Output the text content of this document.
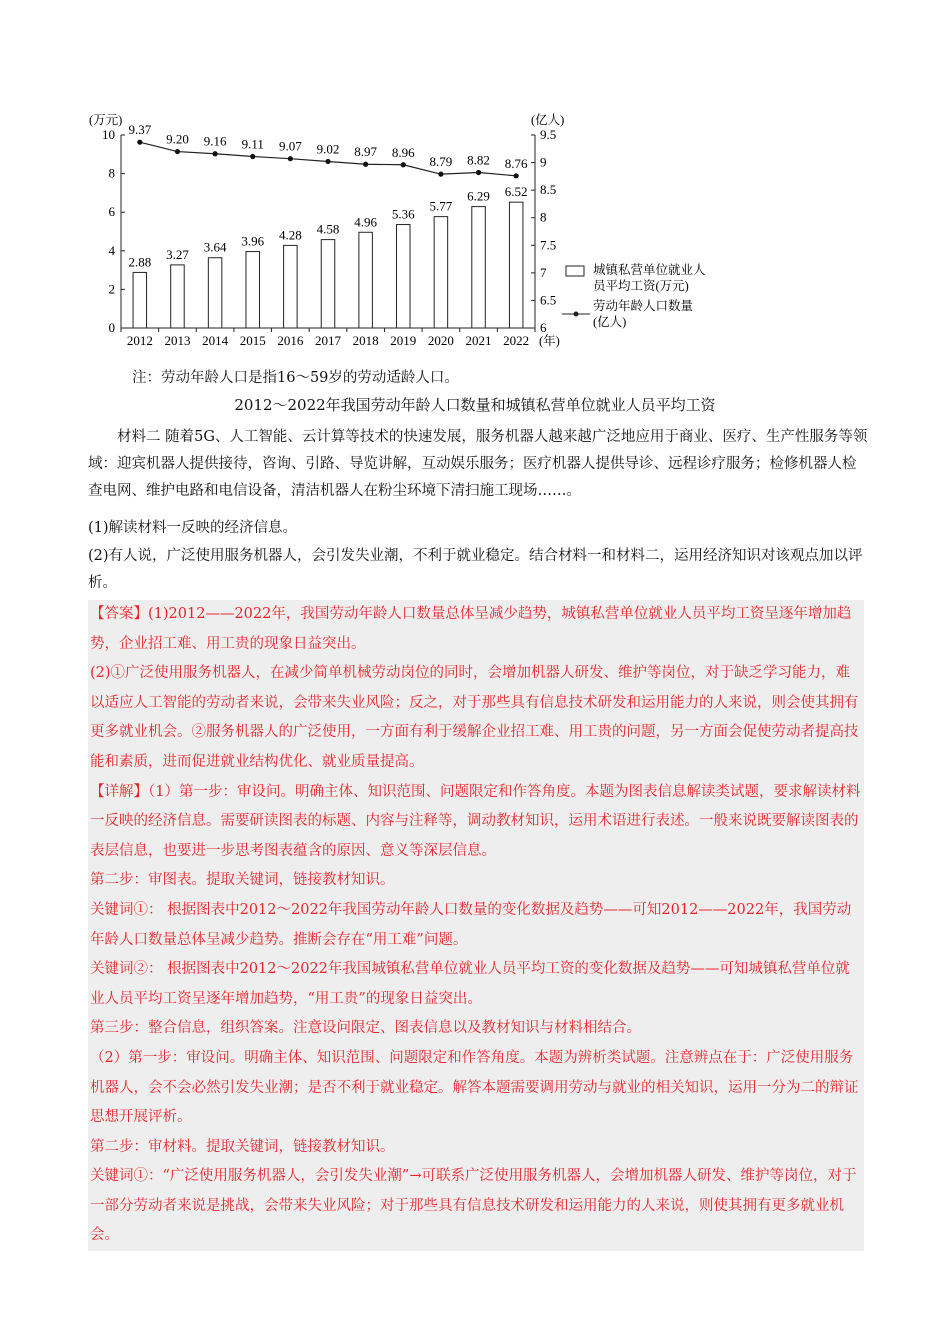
0
2
4
6
8
10
6
6.5
7
7.5
8
8.5
9
9.5
(万元)	(亿人)
(年)
2012 2013 2014 2015 2016 2017 2018 2019 2020 2021 2022
2.88
3.27 3.64 3.96 4.28 4.58 4.96
5.36
5.77
6.29 6.52
9.37
9.20 9.16 9.11 9.07 9.02 8.97 8.96
8.79 8.82 8.76
城镇私营单位就业人
员平均工资(万元)
劳动年龄人口数量
(亿人)
注：劳动年龄人口是指16～59岁的劳动适龄人口。
2012～2022年我国劳动年龄人口数量和城镇私营单位就业人员平均工资
材料二 随着5G、人工智能、云计算等技术的快速发展，服务机器人越来越广泛地应用于商业、医疗、生产性服务等领域：迎宾机器人提供接待，咨询、引路、导览讲解，互动娱乐服务；医疗机器人提供导诊、远程诊疗服务；检修机器人检查电网、维护电路和电信设备，清洁机器人在粉尘环境下清扫施工现场……。
(1)解读材料一反映的经济信息。
(2)有人说，广泛使用服务机器人，会引发失业潮，不利于就业稳定。结合材料一和材料二，运用经济知识对该观点加以评析。

【答案】(1)2012——2022年，我国劳动年龄人口数量总体呈减少趋势，城镇私营单位就业人员平均工资呈逐年增加趋势，企业招工难、用工贵的现象日益突出。

(2)①广泛使用服务机器人，在减少简单机械劳动岗位的同时，会增加机器人研发、维护等岗位，对于缺乏学习能力，难以适应人工智能的劳动者来说，会带来失业风险；反之，对于那些具有信息技术研发和运用能力的人来说，则会使其拥有更多就业机会。②服务机器人的广泛使用，一方面有利于缓解企业招工难、用工贵的问题，另一方面会促使劳动者提高技能和素质，进而促进就业结构优化、就业质量提高。

【详解】（1）第一步：审设问。明确主体、知识范围、问题限定和作答角度。本题为图表信息解读类试题，要求解读材料一反映的经济信息。需要研读图表的标题、内容与注释等，调动教材知识，运用术语进行表述。一般来说既要解读图表的表层信息，也要进一步思考图表蕴含的原因、意义等深层信息。

第二步：审图表。提取关键词，链接教材知识。

关键词①： 根据图表中2012～2022年我国劳动年龄人口数量的变化数据及趋势——可知2012——2022年，我国劳动年龄人口数量总体呈减少趋势。推断会存在“用工难”问题。

关键词②： 根据图表中2012～2022年我国城镇私营单位就业人员平均工资的变化数据及趋势——可知城镇私营单位就业人员平均工资呈逐年增加趋势，“用工贵”的现象日益突出。

第三步：整合信息，组织答案。注意设问限定、图表信息以及教材知识与材料相结合。

（2）第一步：审设问。明确主体、知识范围、问题限定和作答角度。本题为辨析类试题。注意辨点在于：广泛使用服务机器人，会不会必然引发失业潮；是否不利于就业稳定。解答本题需要调用劳动与就业的相关知识，运用一分为二的辩证思想开展评析。

第二步：审材料。提取关键词，链接教材知识。

关键词①：“广泛使用服务机器人，会引发失业潮”→可联系广泛使用服务机器人，会增加机器人研发、维护等岗位，对于一部分劳动者来说是挑战，会带来失业风险；对于那些具有信息技术研发和运用能力的人来说，则使其拥有更多就业机会。
